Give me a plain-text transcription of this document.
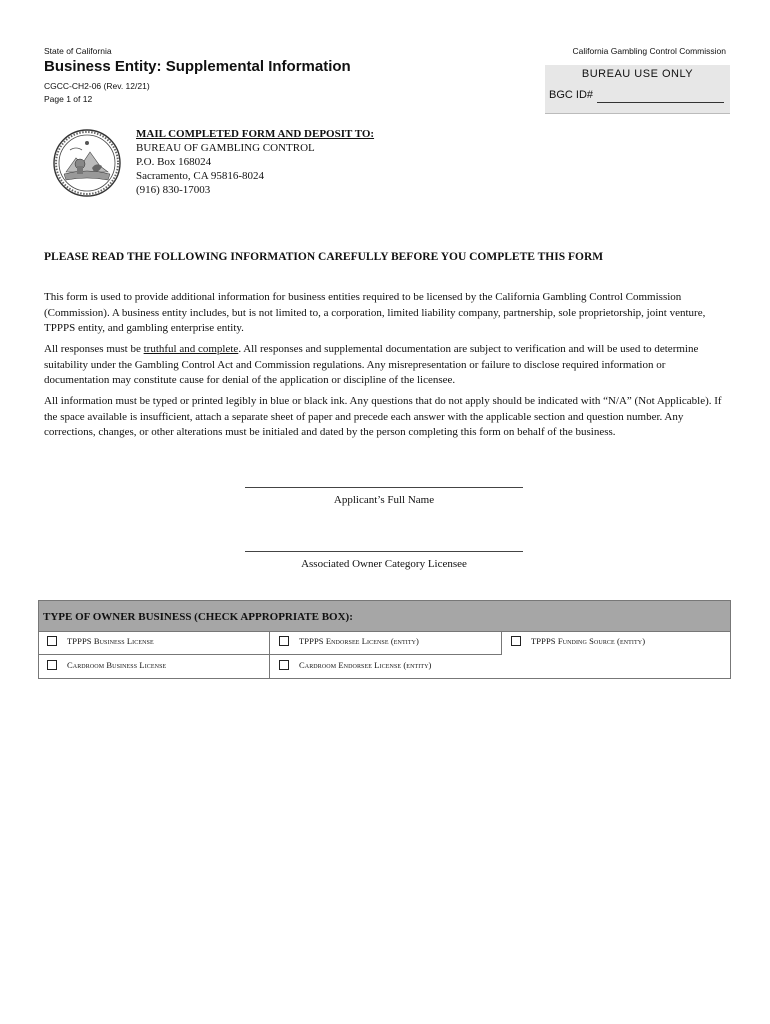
State of California	California Gambling Control Commission
Business Entity: Supplemental Information
CGCC-CH2-06 (Rev. 12/21)
Page 1 of 12
BUREAU USE ONLY
BGC ID#
MAIL COMPLETED FORM AND DEPOSIT TO:
BUREAU OF GAMBLING CONTROL
P.O. Box 168024
Sacramento, CA 95816-8024
(916) 830-17003
PLEASE READ THE FOLLOWING INFORMATION CAREFULLY BEFORE YOU COMPLETE THIS FORM
This form is used to provide additional information for business entities required to be licensed by the California Gambling Control Commission (Commission). A business entity includes, but is not limited to, a corporation, limited liability company, partnership, sole proprietorship, joint venture, TPPPS entity, and gambling enterprise entity.
All responses must be truthful and complete. All responses and supplemental documentation are subject to verification and will be used to determine suitability under the Gambling Control Act and Commission regulations. Any misrepresentation or failure to disclose required information or documentation may constitute cause for denial of the application or discipline of the licensee.
All information must be typed or printed legibly in blue or black ink. Any questions that do not apply should be indicated with “N/A” (Not Applicable). If the space available is insufficient, attach a separate sheet of paper and precede each answer with the applicable section and question number. Any corrections, changes, or other alterations must be initialed and dated by the person completing this form on behalf of the business.
Applicant’s Full Name
Associated Owner Category Licensee
TYPE OF OWNER BUSINESS (CHECK APPROPRIATE BOX):
TPPPS Business License	TPPPS Endorsee License (entity)	TPPPS Funding Source (entity)
Cardroom Business License	Cardroom Endorsee License (entity)
